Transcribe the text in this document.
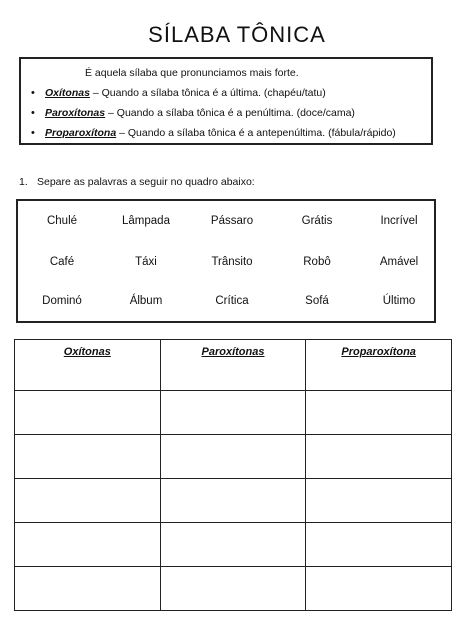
SÍLABA TÔNICA
É aquela sílaba que pronunciamos mais forte.
• Oxítonas – Quando a sílaba tônica é a última. (chapéu/tatu)
• Paroxítonas – Quando a sílaba tônica é a penúltima. (doce/cama)
• Proparoxítona – Quando a sílaba tônica é a antepenúltima. (fábula/rápido)
1. Separe as palavras a seguir no quadro abaixo:
Chulé	Lâmpada	Pássaro	Grátis	Incrível
Café	Táxi	Trânsito	Robô	Amável
Dominó	Álbum	Crítica	Sofá	Último
Oxítonas	Paroxítonas	Proparoxítona
